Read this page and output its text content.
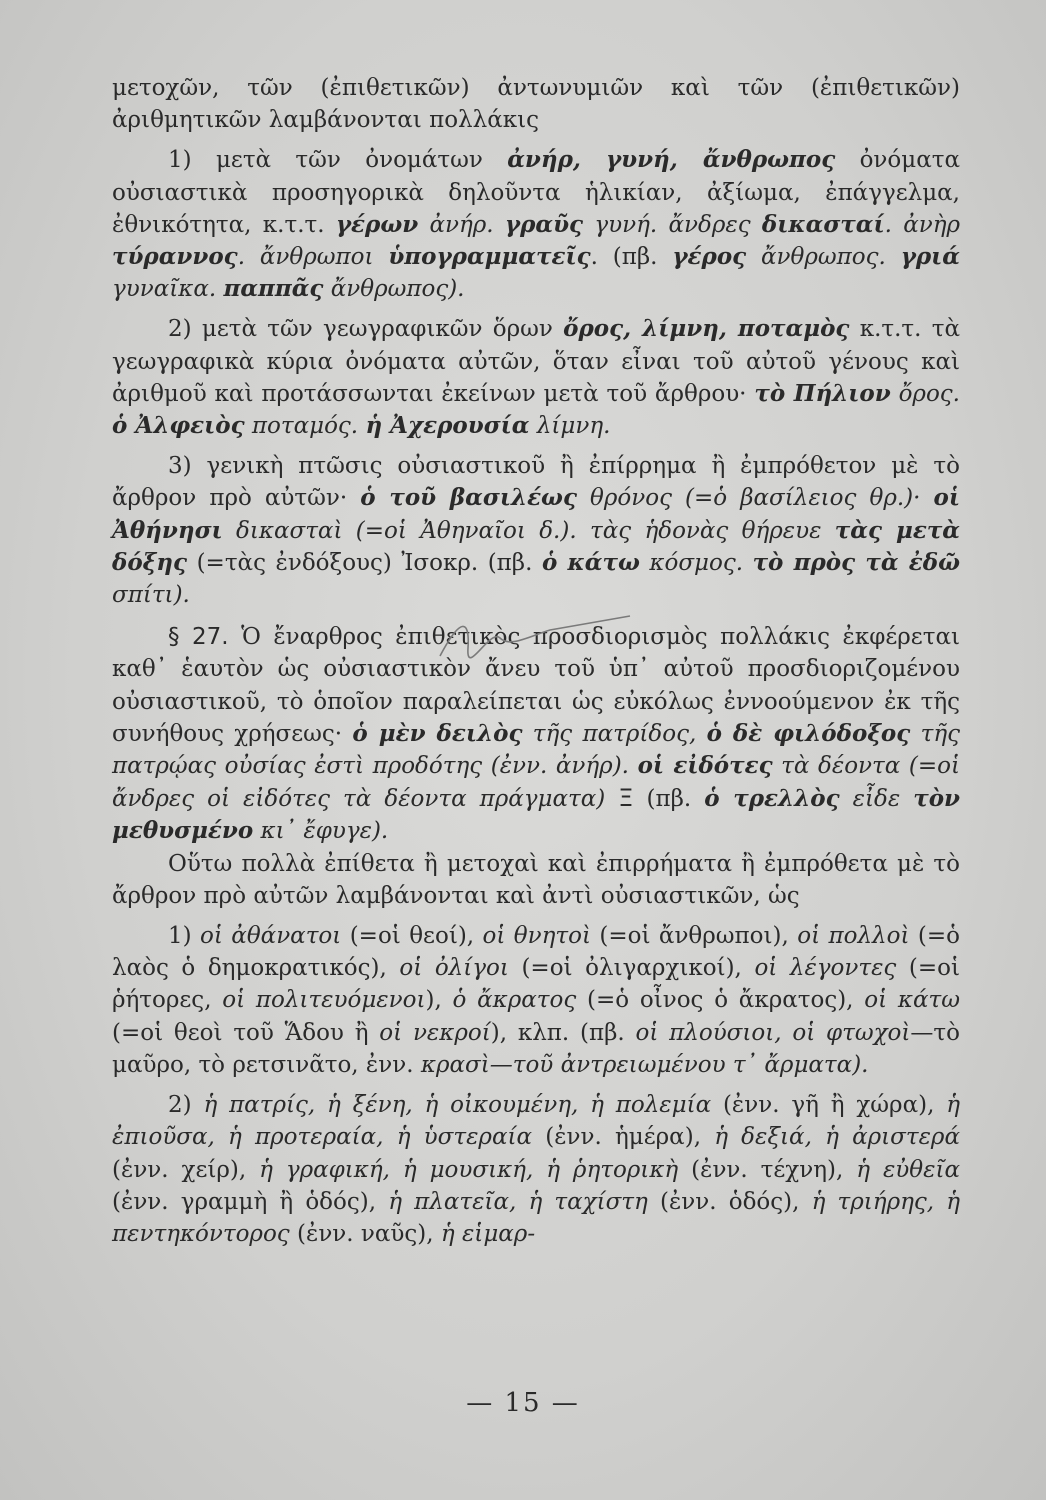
μετοχῶν, τῶν (ἐπιθετικῶν) ἀντωνυμιῶν καὶ τῶν (ἐπιθετικῶν) ἀριθμητικῶν λαμβάνονται πολλάκις

1) μετὰ τῶν ὀνομάτων ἀνήρ, γυνή, ἄνθρωπος ὀνόματα οὐσιαστικὰ προσηγορικὰ δηλοῦντα ἡλικίαν, ἀξίωμα, ἐπάγγελμα, ἐθνικότητα, κ.τ.τ. γέρων ἀνήρ. γραῦς γυνή. ἄνδρες δικασταί. ἀνὴρ τύραννος. ἄνθρωποι ὑπογραμματεῖς. (πβ. γέρος ἄνθρωπος. γριά γυναῖκα. παππᾶς ἄνθρωπος).

2) μετὰ τῶν γεωγραφικῶν ὅρων ὄρος, λίμνη, ποταμὸς κ.τ.τ. τὰ γεωγραφικὰ κύρια ὀνόματα αὐτῶν, ὅταν εἶναι τοῦ αὐτοῦ γένους καὶ ἀριθμοῦ καὶ προτάσσωνται ἐκείνων μετὰ τοῦ ἄρθρου· τὸ Πήλιον ὄρος. ὁ Ἀλφειὸς ποταμός. ἡ Ἀχερουσία λίμνη.

3) γενικὴ πτῶσις οὐσιαστικοῦ ἢ ἐπίρρημα ἢ ἐμπρόθετον μὲ τὸ ἄρθρον πρὸ αὐτῶν· ὁ τοῦ βασιλέως θρόνος (=ὁ βασίλειος θρ.)· οἱ Ἀθήνησι δικασταὶ (=οἱ Ἀθηναῖοι δ.). τὰς ἡδονὰς θήρευε τὰς μετὰ δόξης (=τὰς ἐνδόξους) Ἰσοκρ. (πβ. ὁ κάτω κόσμος. τὸ πρὸς τὰ ἐδῶ σπίτι).

§ 27. Ὁ ἔναρθρος ἐπιθετικὸς προσδιορισμὸς πολλάκις ἐκφέρεται καθ᾽ ἑαυτὸν ὡς οὐσιαστικὸν ἄνευ τοῦ ὑπ᾽ αὐτοῦ προσδιοριζομένου οὐσιαστικοῦ, τὸ ὁποῖον παραλείπεται ὡς εὐκόλως ἐννοούμενον ἐκ τῆς συνήθους χρήσεως· ὁ μὲν δειλὸς τῆς πατρίδος, ὁ δὲ φιλόδοξος τῆς πατρῴας οὐσίας ἐστὶ προδότης (ἐνν. ἀνήρ). οἱ εἰδότες τὰ δέοντα (=οἱ ἄνδρες οἱ εἰδότες τὰ δέοντα πράγματα) Ξ (πβ. ὁ τρελλὸς εἶδε τὸν μεθυσμένο κι᾽ ἔφυγε).

Οὕτω πολλὰ ἐπίθετα ἢ μετοχαὶ καὶ ἐπιρρήματα ἢ ἐμπρόθετα μὲ τὸ ἄρθρον πρὸ αὐτῶν λαμβάνονται καὶ ἀντὶ οὐσιαστικῶν, ὡς

1) οἱ ἀθάνατοι (=οἱ θεοί), οἱ θνητοὶ (=οἱ ἄνθρωποι), οἱ πολλοὶ (=ὁ λαὸς ὁ δημοκρατικός), οἱ ὀλίγοι (=οἱ ὀλιγαρχικοί), οἱ λέγοντες (=οἱ ῥήτορες, οἱ πολιτευόμενοι), ὁ ἄκρατος (=ὁ οἶνος ὁ ἄκρατος), οἱ κάτω (=οἱ θεοὶ τοῦ Ἅδου ἢ οἱ νεκροί), κλπ. (πβ. οἱ πλούσιοι, οἱ φτωχοὶ—τὸ μαῦρο, τὸ ρετσινᾶτο, ἐνν. κρασὶ—τοῦ ἀντρειωμένου τ᾽ ἄρματα).

2) ἡ πατρίς, ἡ ξένη, ἡ οἰκουμένη, ἡ πολεμία (ἐνν. γῆ ἢ χώρα), ἡ ἐπιοῦσα, ἡ προτεραία, ἡ ὑστεραία (ἐνν. ἡμέρα), ἡ δεξιά, ἡ ἀριστερά (ἐνν. χείρ), ἡ γραφική, ἡ μουσική, ἡ ῥητορικὴ (ἐνν. τέχνη), ἡ εὐθεῖα (ἐνν. γραμμὴ ἢ ὁδός), ἡ πλατεῖα, ἡ ταχίστη (ἐνν. ὁδός), ἡ τριήρης, ἡ πεντηκόντορος (ἐνν. ναῦς), ἡ εἱμαρ-

— 15 —
